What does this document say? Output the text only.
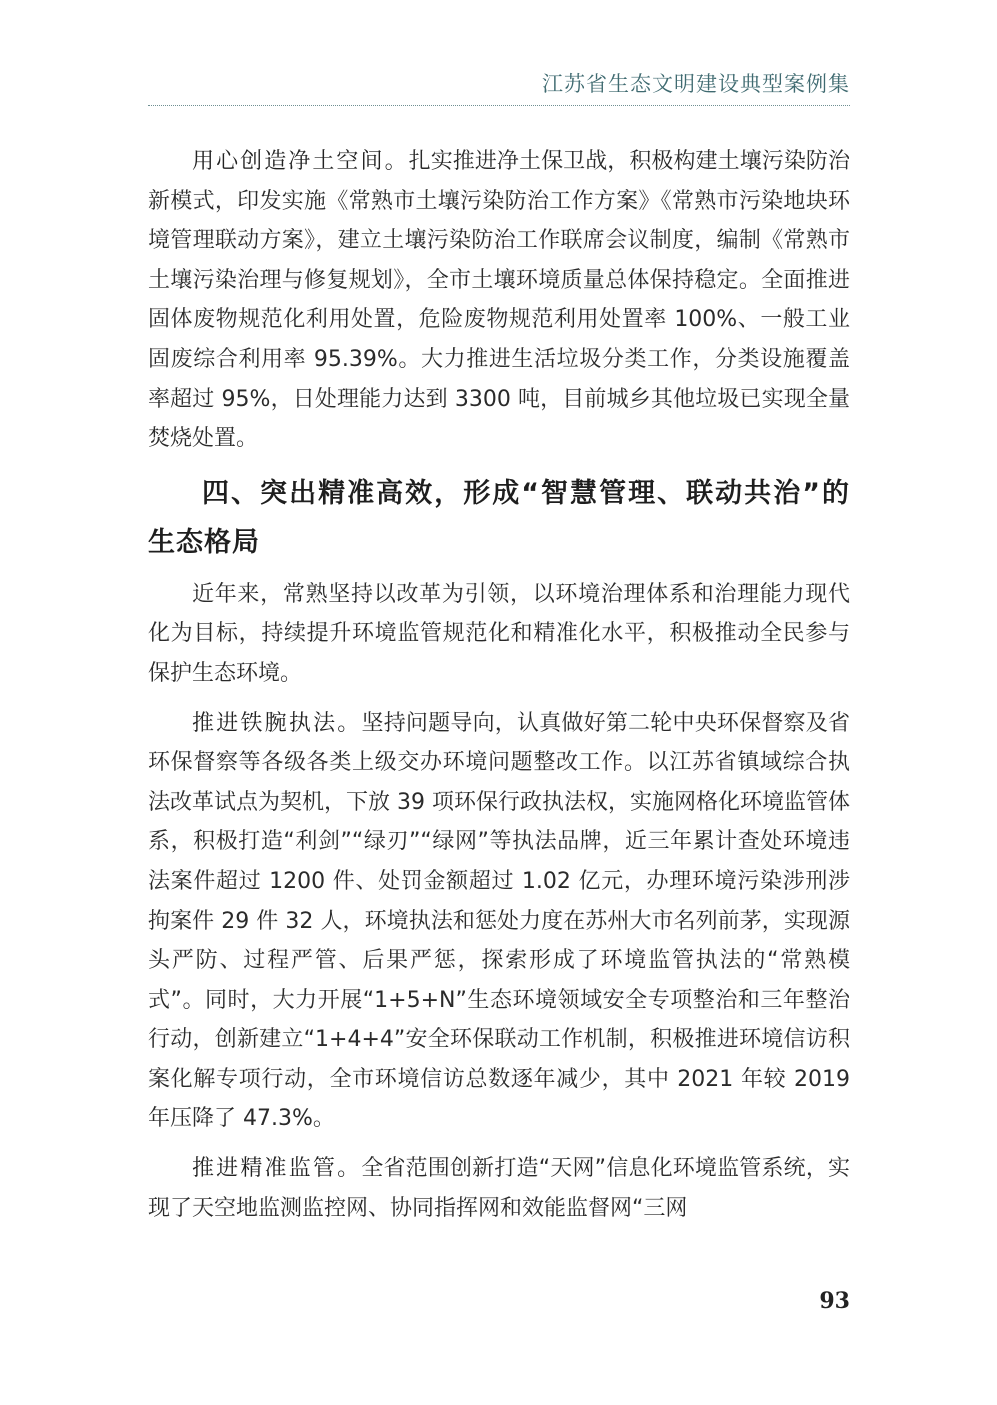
江苏省生态文明建设典型案例集

用心创造净土空间。扎实推进净土保卫战，积极构建土壤污染防治新模式，印发实施《常熟市土壤污染防治工作方案》《常熟市污染地块环境管理联动方案》，建立土壤污染防治工作联席会议制度，编制《常熟市土壤污染治理与修复规划》，全市土壤环境质量总体保持稳定。全面推进固体废物规范化利用处置，危险废物规范利用处置率 100%、一般工业固废综合利用率 95.39%。大力推进生活垃圾分类工作，分类设施覆盖率超过 95%，日处理能力达到 3300 吨，目前城乡其他垃圾已实现全量焚烧处置。

四、突出精准高效，形成“智慧管理、联动共治”的生态格局

近年来，常熟坚持以改革为引领，以环境治理体系和治理能力现代化为目标，持续提升环境监管规范化和精准化水平，积极推动全民参与保护生态环境。

推进铁腕执法。坚持问题导向，认真做好第二轮中央环保督察及省环保督察等各级各类上级交办环境问题整改工作。以江苏省镇域综合执法改革试点为契机，下放 39 项环保行政执法权，实施网格化环境监管体系，积极打造“利剑”“绿刃”“绿网”等执法品牌，近三年累计查处环境违法案件超过 1200 件、处罚金额超过 1.02 亿元，办理环境污染涉刑涉拘案件 29 件 32 人，环境执法和惩处力度在苏州大市名列前茅，实现源头严防、过程严管、后果严惩，探索形成了环境监管执法的“常熟模式”。同时，大力开展“1+5+N”生态环境领域安全专项整治和三年整治行动，创新建立“1+4+4”安全环保联动工作机制，积极推进环境信访积案化解专项行动，全市环境信访总数逐年减少，其中 2021 年较 2019 年压降了 47.3%。

推进精准监管。全省范围创新打造“天网”信息化环境监管系统，实现了天空地监测监控网、协同指挥网和效能监督网“三网

93
